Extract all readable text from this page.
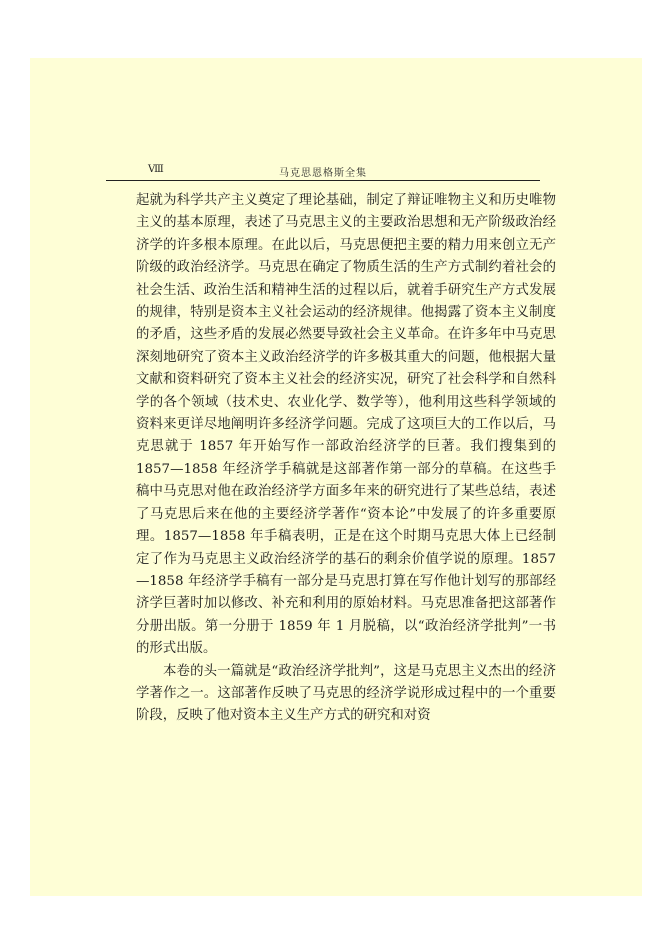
Ⅷ	马克思恩格斯全集

起就为科学共产主义奠定了理论基础，制定了辩证唯物主义和历史唯物主义的基本原理，表述了马克思主义的主要政治思想和无产阶级政治经济学的许多根本原理。在此以后，马克思便把主要的精力用来创立无产阶级的政治经济学。马克思在确定了物质生活的生产方式制约着社会的社会生活、政治生活和精神生活的过程以后，就着手研究生产方式发展的规律，特别是资本主义社会运动的经济规律。他揭露了资本主义制度的矛盾，这些矛盾的发展必然要导致社会主义革命。在许多年中马克思深刻地研究了资本主义政治经济学的许多极其重大的问题，他根据大量文献和资料研究了资本主义社会的经济实况，研究了社会科学和自然科学的各个领域（技术史、农业化学、数学等），他利用这些科学领域的资料来更详尽地阐明许多经济学问题。完成了这项巨大的工作以后，马克思就于 1857 年开始写作一部政治经济学的巨著。我们搜集到的 1857—1858 年经济学手稿就是这部著作第一部分的草稿。在这些手稿中马克思对他在政治经济学方面多年来的研究进行了某些总结，表述了马克思后来在他的主要经济学著作“资本论”中发展了的许多重要原理。1857—1858 年手稿表明，正是在这个时期马克思大体上已经制定了作为马克思主义政治经济学的基石的剩余价值学说的原理。1857—1858 年经济学手稿有一部分是马克思打算在写作他计划写的那部经济学巨著时加以修改、补充和利用的原始材料。马克思准备把这部著作分册出版。第一分册于 1859 年 1 月脱稿，以“政治经济学批判”一书的形式出版。

本卷的头一篇就是“政治经济学批判”，这是马克思主义杰出的经济学著作之一。这部著作反映了马克思的经济学说形成过程中的一个重要阶段，反映了他对资本主义生产方式的研究和对资
